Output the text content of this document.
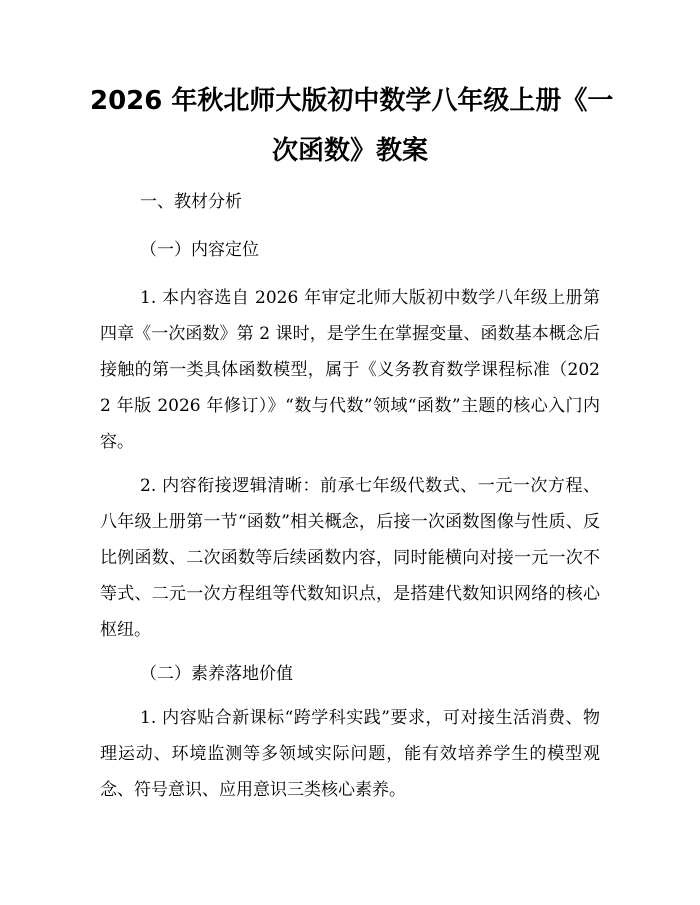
2026 年秋北师大版初中数学八年级上册《一
次函数》教案
一、教材分析
（一）内容定位

1. 本内容选自 2026 年审定北师大版初中数学八年级上册第四章《一次函数》第 2 课时，是学生在掌握变量、函数基本概念后接触的第一类具体函数模型，属于《义务教育数学课程标准（2022 年版 2026 年修订）》“数与代数”领域“函数”主题的核心入门内容。

2. 内容衔接逻辑清晰：前承七年级代数式、一元一次方程、八年级上册第一节“函数”相关概念，后接一次函数图像与性质、反比例函数、二次函数等后续函数内容，同时能横向对接一元一次不等式、二元一次方程组等代数知识点，是搭建代数知识网络的核心枢纽。

（二）素养落地价值

1. 内容贴合新课标“跨学科实践”要求，可对接生活消费、物理运动、环境监测等多领域实际问题，能有效培养学生的模型观念、符号意识、应用意识三类核心素养。
